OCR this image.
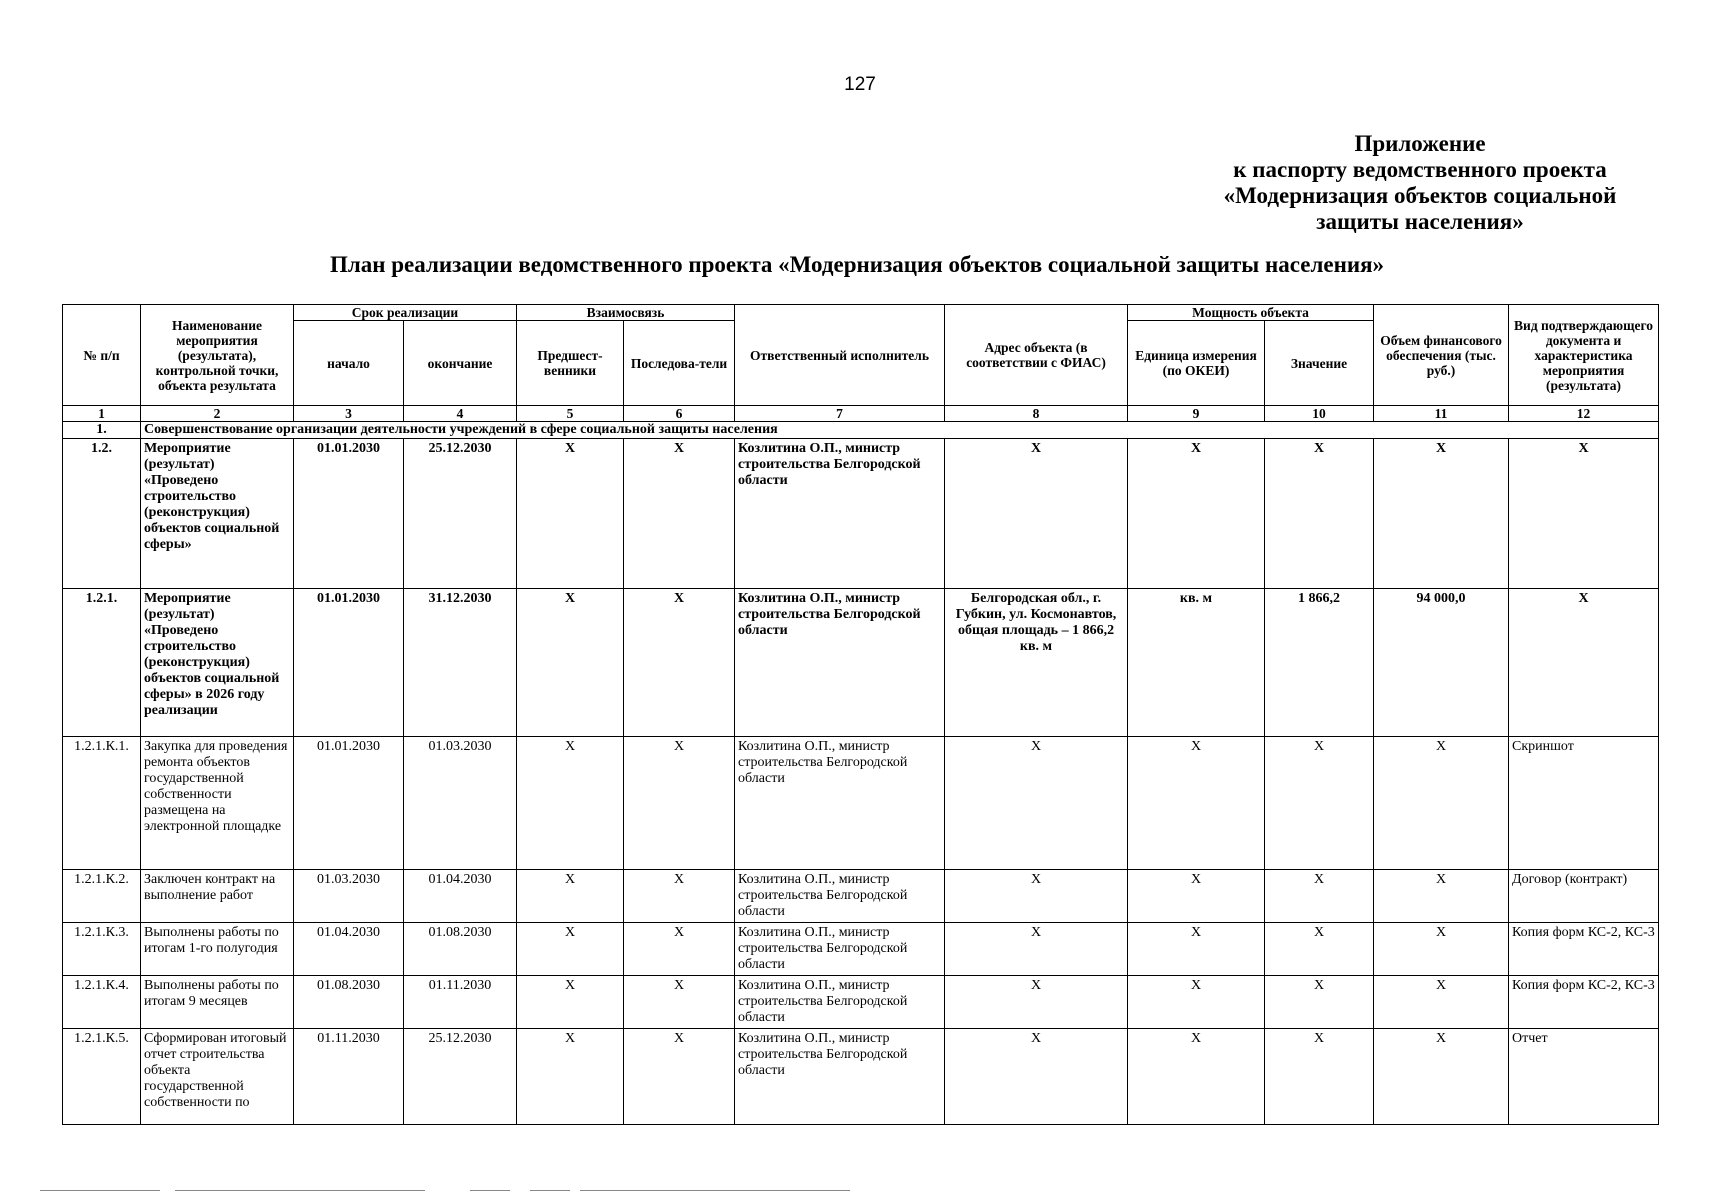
127
Приложение
к паспорту ведомственного проекта
«Модернизация объектов социальной
защиты населения»
План реализации ведомственного проекта «Модернизация объектов социальной защиты населения»
№ п/п	Наименование мероприятия (результата), контрольной точки, объекта результата	Срок реализации		Взаимосвязь		Ответственный исполнитель	Адрес объекта (в соответствии с ФИАС)	Мощность объекта		Объем финансового обеспечения (тыс. руб.)	Вид подтверждающего документа и характеристика мероприятия (результата)
		начало	окончание	Предшест-венники	Последова-тели			Единица измерения (по ОКЕИ)	Значение		
1	2	3	4	5	6	7	8	9	10	11	12
1.	Совершенствование организации деятельности учреждений в сфере социальной защиты населения										
1.2.	Мероприятие (результат) «Проведено строительство (реконструкция) объектов социальной сферы»	01.01.2030	25.12.2030	Х	Х	Козлитина О.П., министр строительства Белгородской области	Х	Х	Х	Х	Х
1.2.1.	Мероприятие (результат) «Проведено строительство (реконструкция) объектов социальной сферы» в 2026 году реализации	01.01.2030	31.12.2030	Х	Х	Козлитина О.П., министр строительства Белгородской области	Белгородская обл., г. Губкин, ул. Космонавтов, общая площадь – 1 866,2 кв. м	кв. м	1 866,2	94 000,0	Х
1.2.1.К.1.	Закупка для проведения ремонта объектов государственной собственности размещена на электронной площадке	01.01.2030	01.03.2030	Х	Х	Козлитина О.П., министр строительства Белгородской области	Х	Х	Х	Х	Скриншот
1.2.1.К.2.	Заключен контракт на выполнение работ	01.03.2030	01.04.2030	Х	Х	Козлитина О.П., министр строительства Белгородской области	Х	Х	Х	Х	Договор (контракт)
1.2.1.К.3.	Выполнены работы по итогам 1-го полугодия	01.04.2030	01.08.2030	Х	Х	Козлитина О.П., министр строительства Белгородской области	Х	Х	Х	Х	Копия форм КС-2, КС-3
1.2.1.К.4.	Выполнены работы по итогам 9 месяцев	01.08.2030	01.11.2030	Х	Х	Козлитина О.П., министр строительства Белгородской области	Х	Х	Х	Х	Копия форм КС-2, КС-3
1.2.1.К.5.	Сформирован итоговый отчет строительства объекта государственной собственности по	01.11.2030	25.12.2030	Х	Х	Козлитина О.П., министр строительства Белгородской области	Х	Х	Х	Х	Отчет
